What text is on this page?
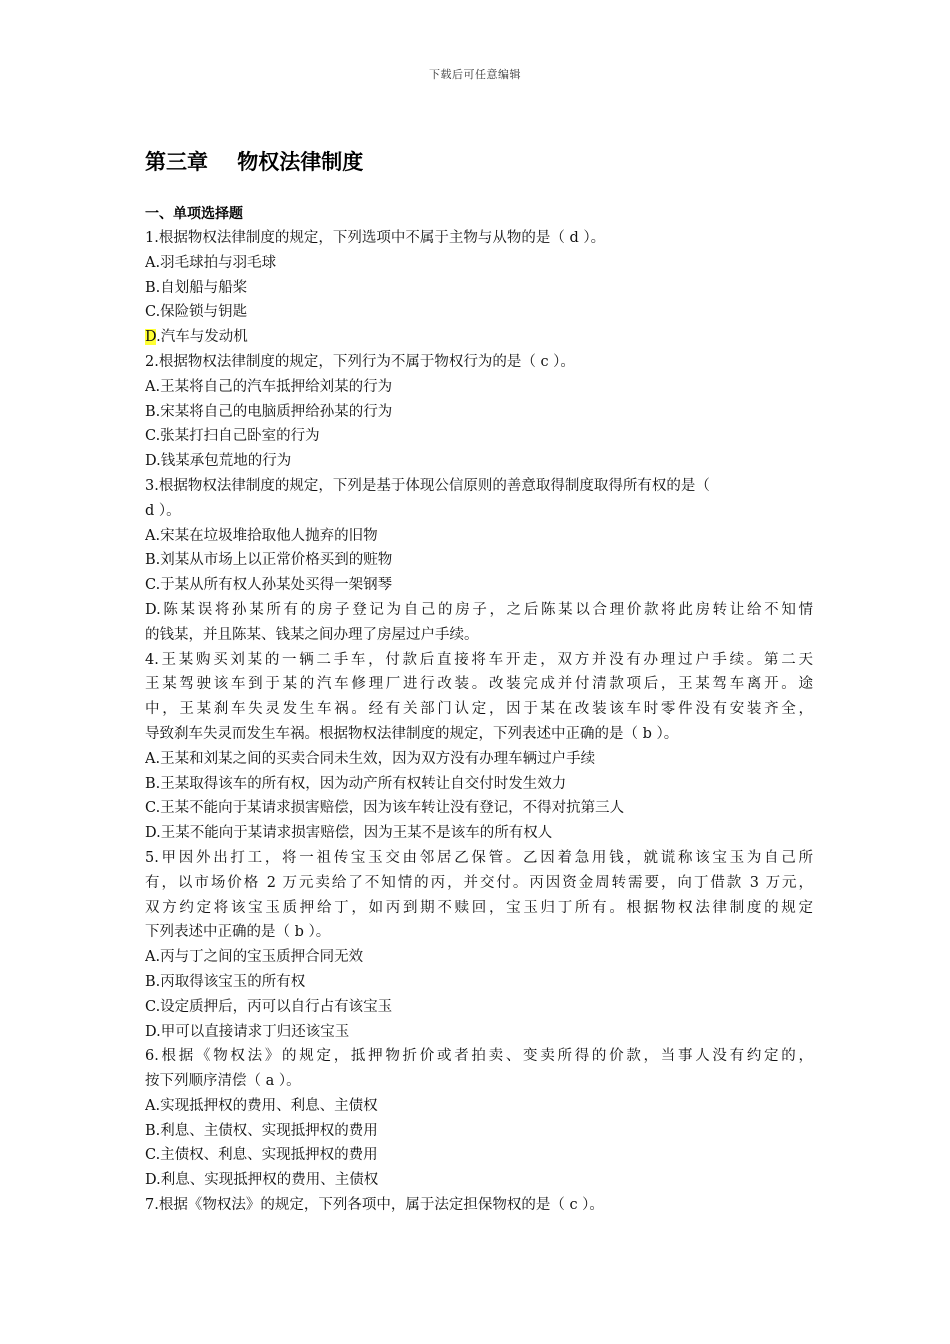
下载后可任意编辑
第三章    物权法律制度
一、单项选择题
1.根据物权法律制度的规定，下列选项中不属于主物与从物的是（ d ）。
A.羽毛球拍与羽毛球
B.自划船与船桨
C.保险锁与钥匙
D.汽车与发动机
2.根据物权法律制度的规定，下列行为不属于物权行为的是（ c ）。
A.王某将自己的汽车抵押给刘某的行为
B.宋某将自己的电脑质押给孙某的行为
C.张某打扫自己卧室的行为
D.钱某承包荒地的行为
3.根据物权法律制度的规定，下列是基于体现公信原则的善意取得制度取得所有权的是（
d ）。
A.宋某在垃圾堆拾取他人抛弃的旧物
B.刘某从市场上以正常价格买到的赃物
C.于某从所有权人孙某处买得一架钢琴
D.陈某误将孙某所有的房子登记为自己的房子，之后陈某以合理价款将此房转让给不知情
的钱某，并且陈某、钱某之间办理了房屋过户手续。
4.王某购买刘某的一辆二手车，付款后直接将车开走，双方并没有办理过户手续。第二天
王某驾驶该车到于某的汽车修理厂进行改装。改装完成并付清款项后，王某驾车离开。途
中，王某刹车失灵发生车祸。经有关部门认定，因于某在改装该车时零件没有安装齐全，
导致刹车失灵而发生车祸。根据物权法律制度的规定，下列表述中正确的是（ b ）。
A.王某和刘某之间的买卖合同未生效，因为双方没有办理车辆过户手续
B.王某取得该车的所有权，因为动产所有权转让自交付时发生效力
C.王某不能向于某请求损害赔偿，因为该车转让没有登记，不得对抗第三人
D.王某不能向于某请求损害赔偿，因为王某不是该车的所有权人
5.甲因外出打工，将一祖传宝玉交由邻居乙保管。乙因着急用钱，就谎称该宝玉为自己所
有，以市场价格 2 万元卖给了不知情的丙，并交付。丙因资金周转需要，向丁借款 3 万元，
双方约定将该宝玉质押给丁，如丙到期不赎回，宝玉归丁所有。根据物权法律制度的规定
下列表述中正确的是（ b ）。
A.丙与丁之间的宝玉质押合同无效
B.丙取得该宝玉的所有权
C.设定质押后，丙可以自行占有该宝玉
D.甲可以直接请求丁归还该宝玉
6.根据《物权法》的规定，抵押物折价或者拍卖、变卖所得的价款，当事人没有约定的，
按下列顺序清偿（ a ）。
A.实现抵押权的费用、利息、主债权
B.利息、主债权、实现抵押权的费用
C.主债权、利息、实现抵押权的费用
D.利息、实现抵押权的费用、主债权
7.根据《物权法》的规定，下列各项中，属于法定担保物权的是（ c ）。
